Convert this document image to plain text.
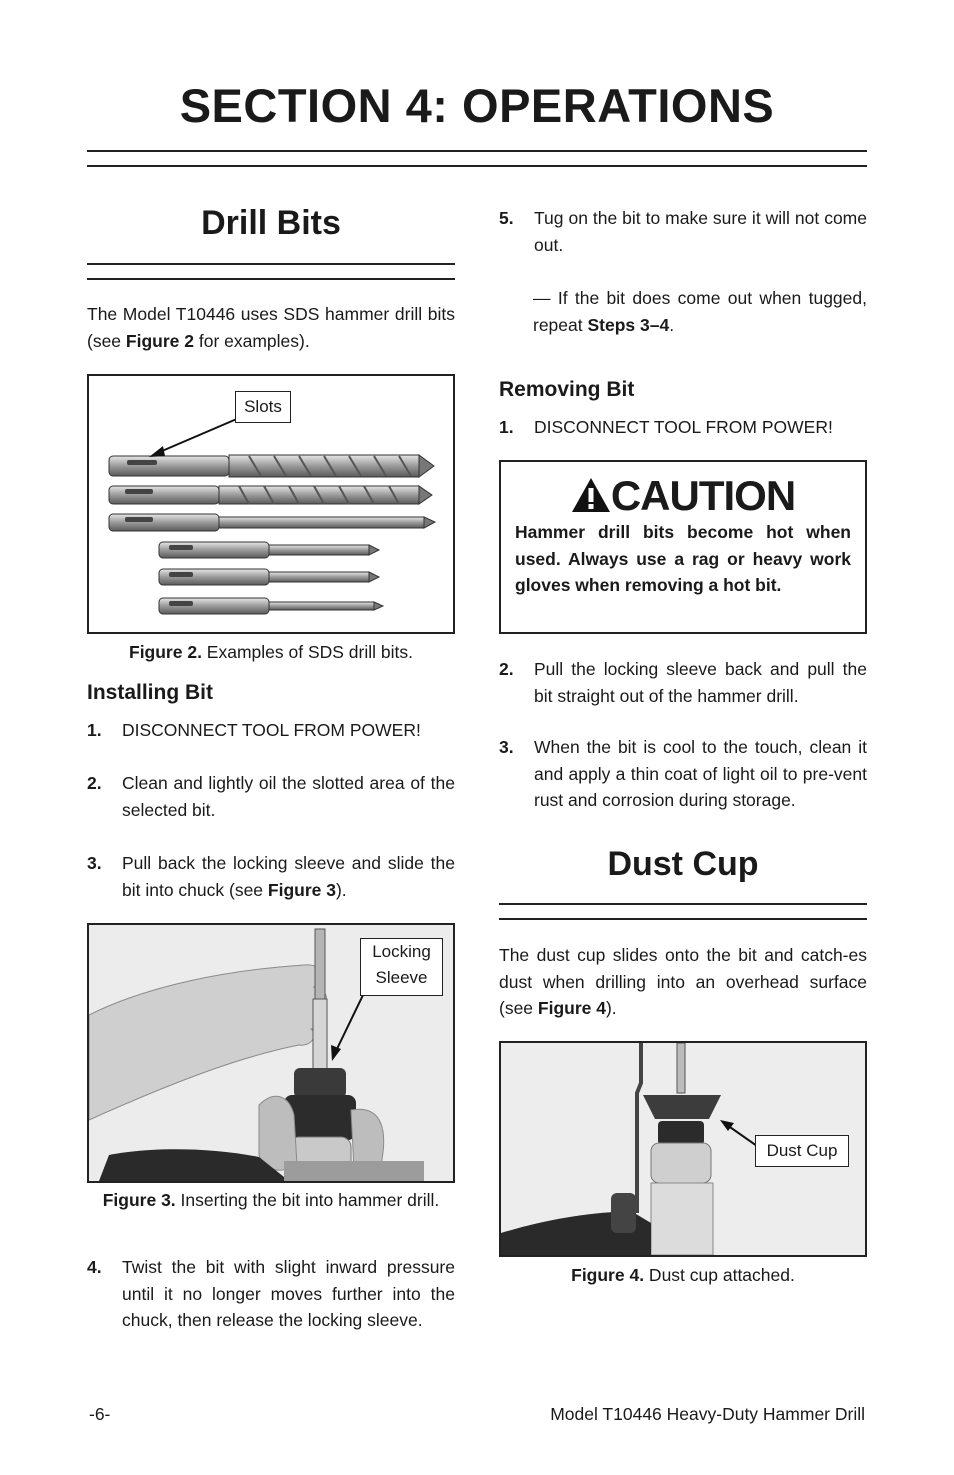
SECTION 4: OPERATIONS
Drill Bits
The Model T10446 uses SDS hammer drill bits (see Figure 2 for examples).
Slots
Figure 2. Examples of SDS drill bits.
Installing Bit
1. DISCONNECT TOOL FROM POWER!
2. Clean and lightly oil the slotted area of the selected bit.
3. Pull back the locking sleeve and slide the bit into chuck (see Figure 3).
Locking
Sleeve
Figure 3. Inserting the bit into hammer drill.
4. Twist the bit with slight inward pressure until it no longer moves further into the chuck, then release the locking sleeve.
5. Tug on the bit to make sure it will not come out.
— If the bit does come out when tugged, repeat Steps 3–4.
Removing Bit
1. DISCONNECT TOOL FROM POWER!
CAUTION
Hammer drill bits become hot when used. Always use a rag or heavy work gloves when removing a hot bit.
2. Pull the locking sleeve back and pull the bit straight out of the hammer drill.
3. When the bit is cool to the touch, clean it and apply a thin coat of light oil to pre-vent rust and corrosion during storage.
Dust Cup
The dust cup slides onto the bit and catch-es dust when drilling into an overhead surface (see Figure 4).
Dust Cup
Figure 4. Dust cup attached.
-6-	Model T10446 Heavy-Duty Hammer Drill
